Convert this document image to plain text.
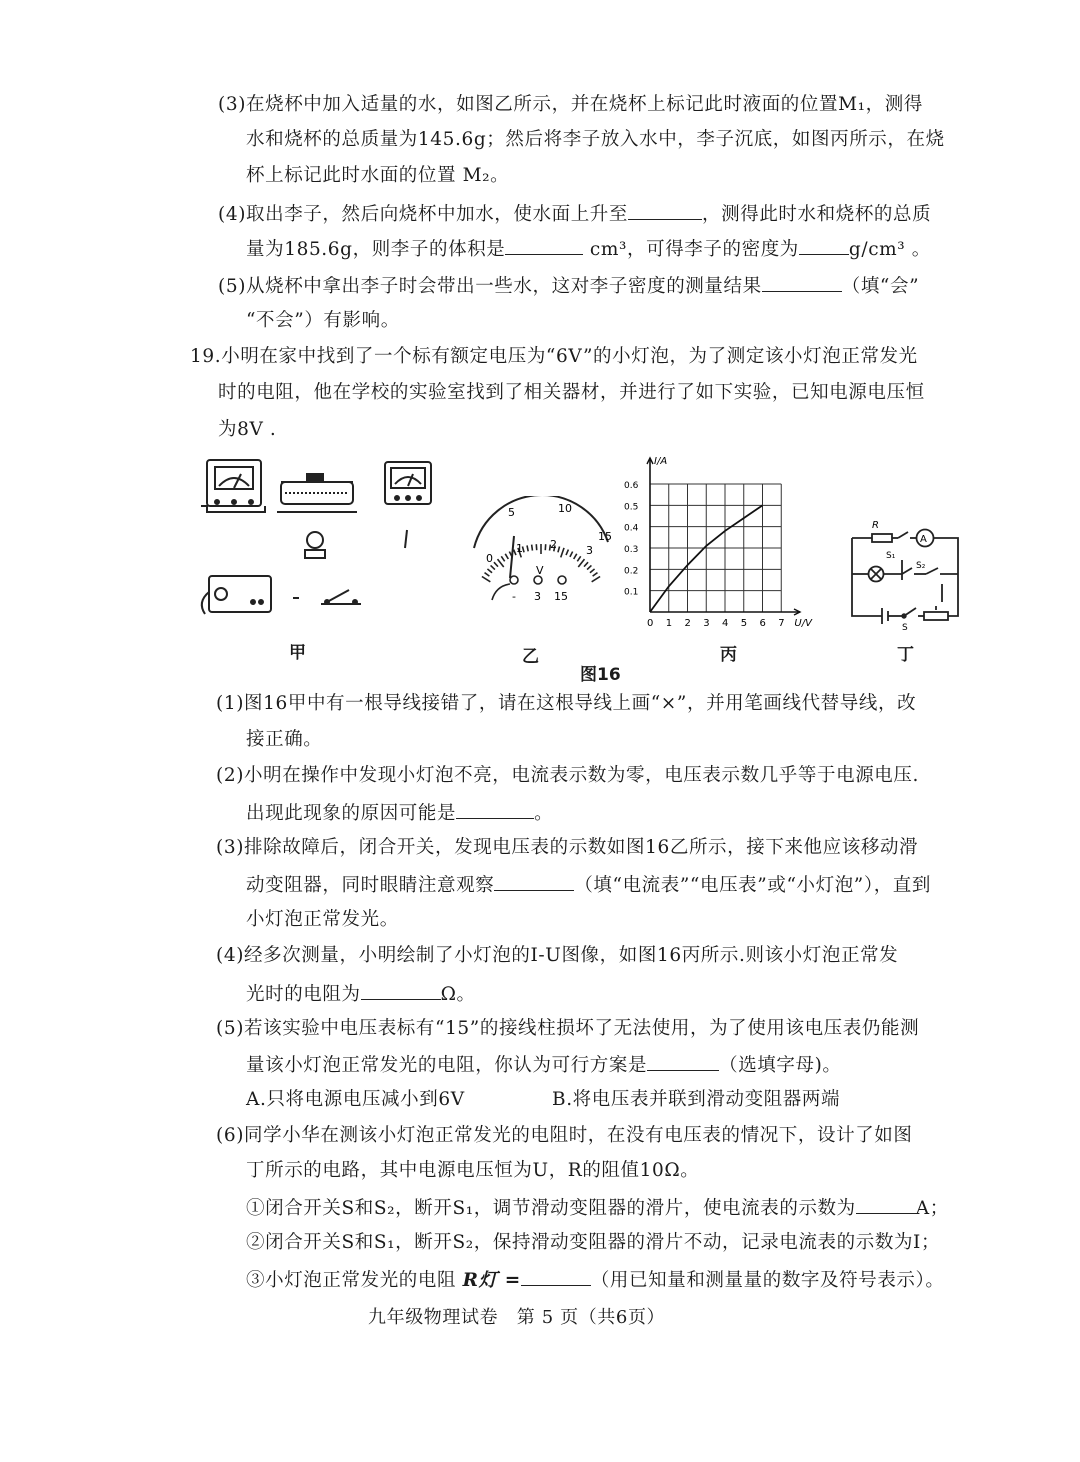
(3)在烧杯中加入适量的水，如图乙所示，并在烧杯上标记此时液面的位置M₁，测得
水和烧杯的总质量为145.6g；然后将李子放入水中，李子沉底，如图丙所示，在烧
杯上标记此时水面的位置 M₂。
(4)取出李子，然后向烧杯中加水，使水面上升至	，测得此时水和烧杯的总质
量为185.6g，则李子的体积是	cm³，可得李子的密度为	g/cm³ 。
(5)从烧杯中拿出李子时会带出一些水，这对李子密度的测量结果	（填“会”
“不会”）有影响。
19.小明在家中找到了一个标有额定电压为“6V”的小灯泡，为了测定该小灯泡正常发光
时的电阻，他在学校的实验室找到了相关器材，并进行了如下实验，已知电源电压恒
为8V .
5	10
15
0
1 2	3
V
- 3 15
0 1 2 3 4 5 6 7
0.1
0.2
0.3
0.4
0.5
0.6
U/V
I/A
R
A
S₁
S₂
S
甲	乙
图16
丙	丁
(1)图16甲中有一根导线接错了，请在这根导线上画“×”，并用笔画线代替导线，改
接正确。
(2)小明在操作中发现小灯泡不亮，电流表示数为零，电压表示数几乎等于电源电压.
出现此现象的原因可能是	。
(3)排除故障后，闭合开关，发现电压表的示数如图16乙所示，接下来他应该移动滑
动变阻器，同时眼睛注意观察	（填“电流表”“电压表”或“小灯泡”），直到
小灯泡正常发光。
(4)经多次测量，小明绘制了小灯泡的I-U图像，如图16丙所示.则该小灯泡正常发
光时的电阻为	Ω。
(5)若该实验中电压表标有“15”的接线柱损坏了无法使用，为了使用该电压表仍能测
量该小灯泡正常发光的电阻，你认为可行方案是	（选填字母)。
A.只将电源电压减小到6V	B.将电压表并联到滑动变阻器两端
(6)同学小华在测该小灯泡正常发光的电阻时，在没有电压表的情况下，设计了如图
丁所示的电路，其中电源电压恒为U，R的阻值10Ω。
①闭合开关S和S₂，断开S₁，调节滑动变阻器的滑片，使电流表的示数为	A；
②闭合开关S和S₁，断开S₂，保持滑动变阻器的滑片不动，记录电流表的示数为I；
③小灯泡正常发光的电阻 R灯 =	（用已知量和测量量的数字及符号表示）。
九年级物理试卷　第 5 页（共6页）
